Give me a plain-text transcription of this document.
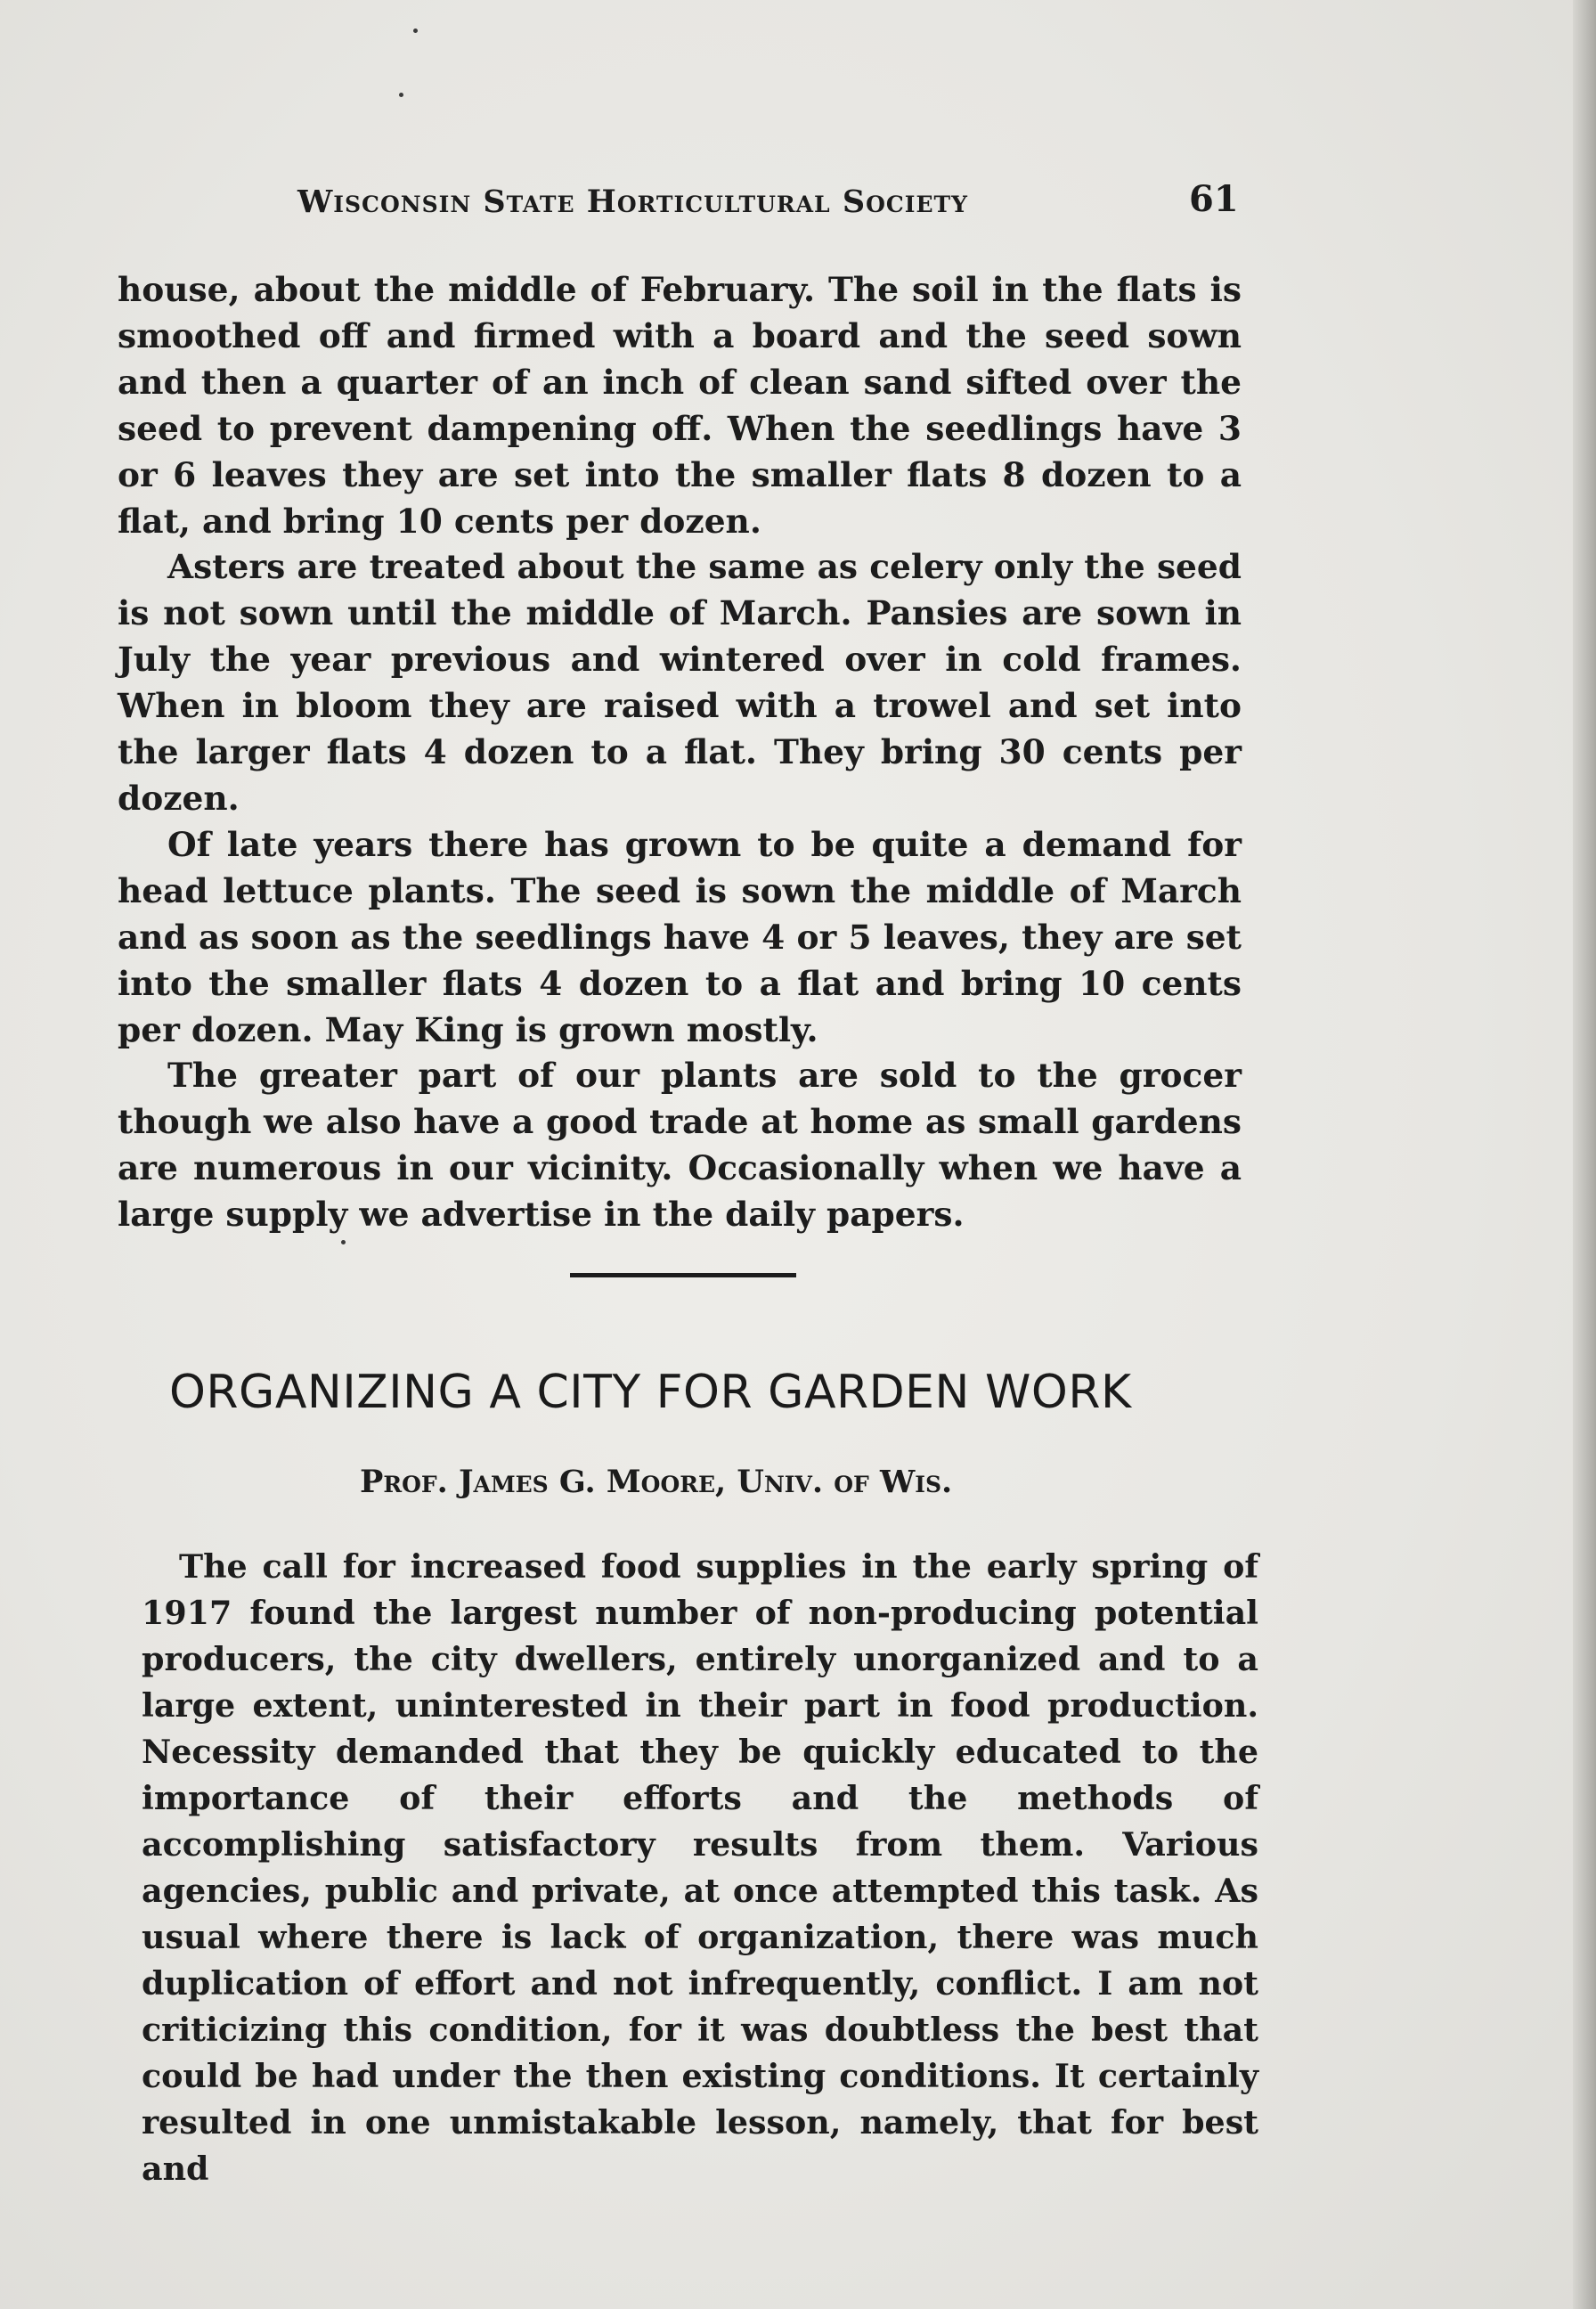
Wisconsin State Horticultural Society	61

house, about the middle of February. The soil in the flats is smoothed off and firmed with a board and the seed sown and then a quarter of an inch of clean sand sifted over the seed to prevent dampening off. When the seedlings have 3 or 6 leaves they are set into the smaller flats 8 dozen to a flat, and bring 10 cents per dozen.

Asters are treated about the same as celery only the seed is not sown until the middle of March. Pansies are sown in July the year previous and wintered over in cold frames. When in bloom they are raised with a trowel and set into the larger flats 4 dozen to a flat. They bring 30 cents per dozen.

Of late years there has grown to be quite a demand for head lettuce plants. The seed is sown the middle of March and as soon as the seedlings have 4 or 5 leaves, they are set into the smaller flats 4 dozen to a flat and bring 10 cents per dozen. May King is grown mostly.

The greater part of our plants are sold to the grocer though we also have a good trade at home as small gardens are numerous in our vicinity. Occasionally when we have a large supply we advertise in the daily papers.

ORGANIZING A CITY FOR GARDEN WORK
Prof. James G. Moore, Univ. of Wis.

The call for increased food supplies in the early spring of 1917 found the largest number of non-producing potential producers, the city dwellers, entirely unorganized and to a large extent, uninterested in their part in food production. Necessity demanded that they be quickly educated to the importance of their efforts and the methods of accomplishing satisfactory results from them. Various agencies, public and private, at once attempted this task. As usual where there is lack of organization, there was much duplication of effort and not infrequently, conflict. I am not criticizing this condition, for it was doubtless the best that could be had under the then existing conditions. It certainly resulted in one unmistakable lesson, namely, that for best and
